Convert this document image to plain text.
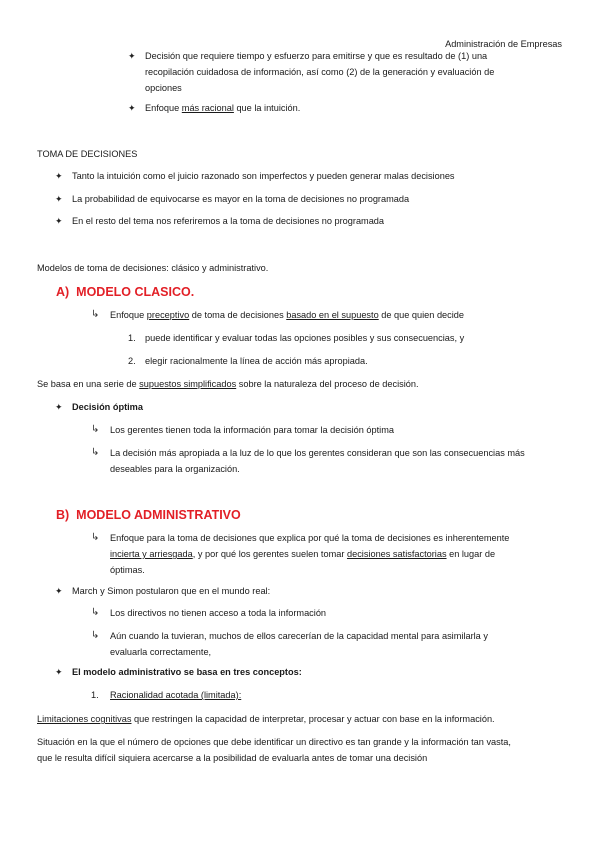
Administración de Empresas
✦ Decisión que requiere tiempo y esfuerzo para emitirse y que es resultado de (1) una
recopilación cuidadosa de información, así como (2) de la generación y evaluación de
opciones
✦ Enfoque más racional que la intuición.
TOMA DE DECISIONES
✦ Tanto la intuición como el juicio razonado son imperfectos y pueden generar malas decisiones
✦ La probabilidad de equivocarse es mayor en la toma de decisiones no programada
✦ En el resto del tema nos referiremos a la toma de decisiones no programada
Modelos de toma de decisiones: clásico y administrativo.
A) MODELO CLASICO.
↳ Enfoque preceptivo de toma de decisiones basado en el supuesto de que quien decide
1. puede identificar y evaluar todas las opciones posibles y sus consecuencias, y
2. elegir racionalmente la línea de acción más apropiada.
Se basa en una serie de supuestos simplificados sobre la naturaleza del proceso de decisión.
✦ Decisión óptima
↳ Los gerentes tienen toda la información para tomar la decisión óptima
↳ La decisión más apropiada a la luz de lo que los gerentes consideran que son las consecuencias más
deseables para la organización.
B) MODELO ADMINISTRATIVO
↳ Enfoque para la toma de decisiones que explica por qué la toma de decisiones es inherentemente
incierta y arriesgada, y por qué los gerentes suelen tomar decisiones satisfactorias en lugar de
óptimas.
✦ March y Simon postularon que en el mundo real:
↳ Los directivos no tienen acceso a toda la información
↳ Aún cuando la tuvieran, muchos de ellos carecerían de la capacidad mental para asimilarla y
evaluarla correctamente,
✦ El modelo administrativo se basa en tres conceptos:
1. Racionalidad acotada (limitada):
Limitaciones cognitivas que restringen la capacidad de interpretar, procesar y actuar con base en la información.
Situación en la que el número de opciones que debe identificar un directivo es tan grande y la información tan vasta,
que le resulta difícil siquiera acercarse a la posibilidad de evaluarla antes de tomar una decisión
